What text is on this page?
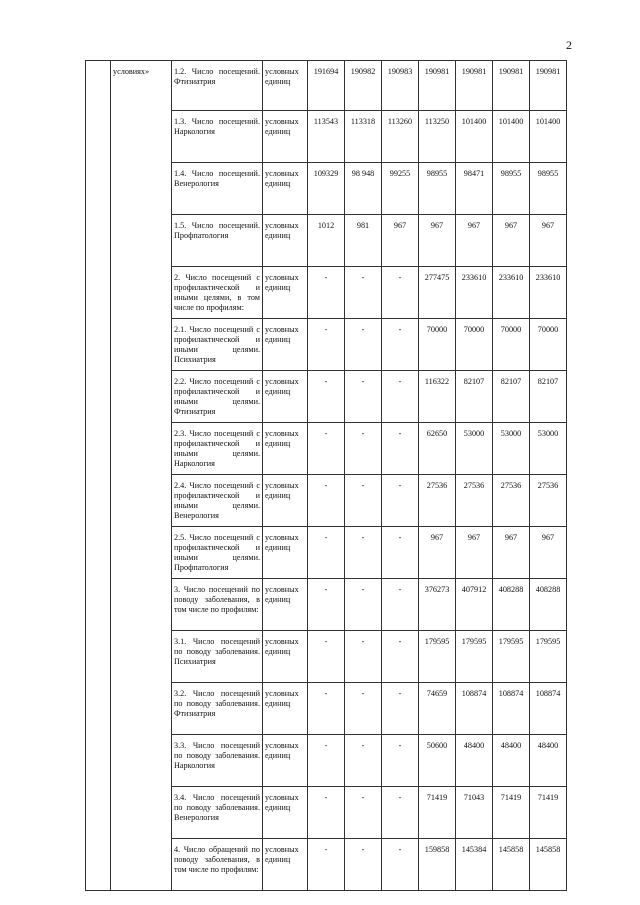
2
	условиях»	1.2. Число посещений. Фтизиатрия	условных единиц	191694	190982	190983	190981	190981	190981	190981
		1.3. Число посещений. Наркология	условных единиц	113543	113318	113260	113250	101400	101400	101400
		1.4. Число посещений. Венерология	условных единиц	109329	98 948	99255	98955	98471	98955	98955
		1.5. Число посещений. Профпатология	условных единиц	1012	981	967	967	967	967	967
		2. Число посещений с профилактической и иными целями, в том числе по профилям:	условных единиц	-	-	-	277475	233610	233610	233610
		2.1. Число посещений с профилактической и иными целями. Психиатрия	условных единиц	-	-	-	70000	70000	70000	70000
		2.2. Число посещений с профилактической и иными целями. Фтизиатрия	условных единиц	-	-	-	116322	82107	82107	82107
		2.3. Число посещений с профилактической и иными целями. Наркология	условных единиц	-	-	-	62650	53000	53000	53000
		2.4. Число посещений с профилактической и иными целями. Венерология	условных единиц	-	-	-	27536	27536	27536	27536
		2.5. Число посещений с профилактической и иными целями. Профпатология	условных единиц	-	-	-	967	967	967	967
		3. Число посещений по поводу заболевания, в том числе по профилям:	условных единиц	-	-	-	376273	407912	408288	408288
		3.1. Число посещений по поводу заболевания. Психиатрия	условных единиц	-	-	-	179595	179595	179595	179595
		3.2. Число посещений по поводу заболевания. Фтизиатрия	условных единиц	-	-	-	74659	108874	108874	108874
		3.3. Число посещений по поводу заболевания. Наркология	условных единиц	-	-	-	50600	48400	48400	48400
		3.4. Число посещений по поводу заболевания. Венерология	условных единиц	-	-	-	71419	71043	71419	71419
		4. Число обращений по поводу заболевания, в том числе по профилям:	условных единиц	-	-	-	159858	145384	145858	145858
